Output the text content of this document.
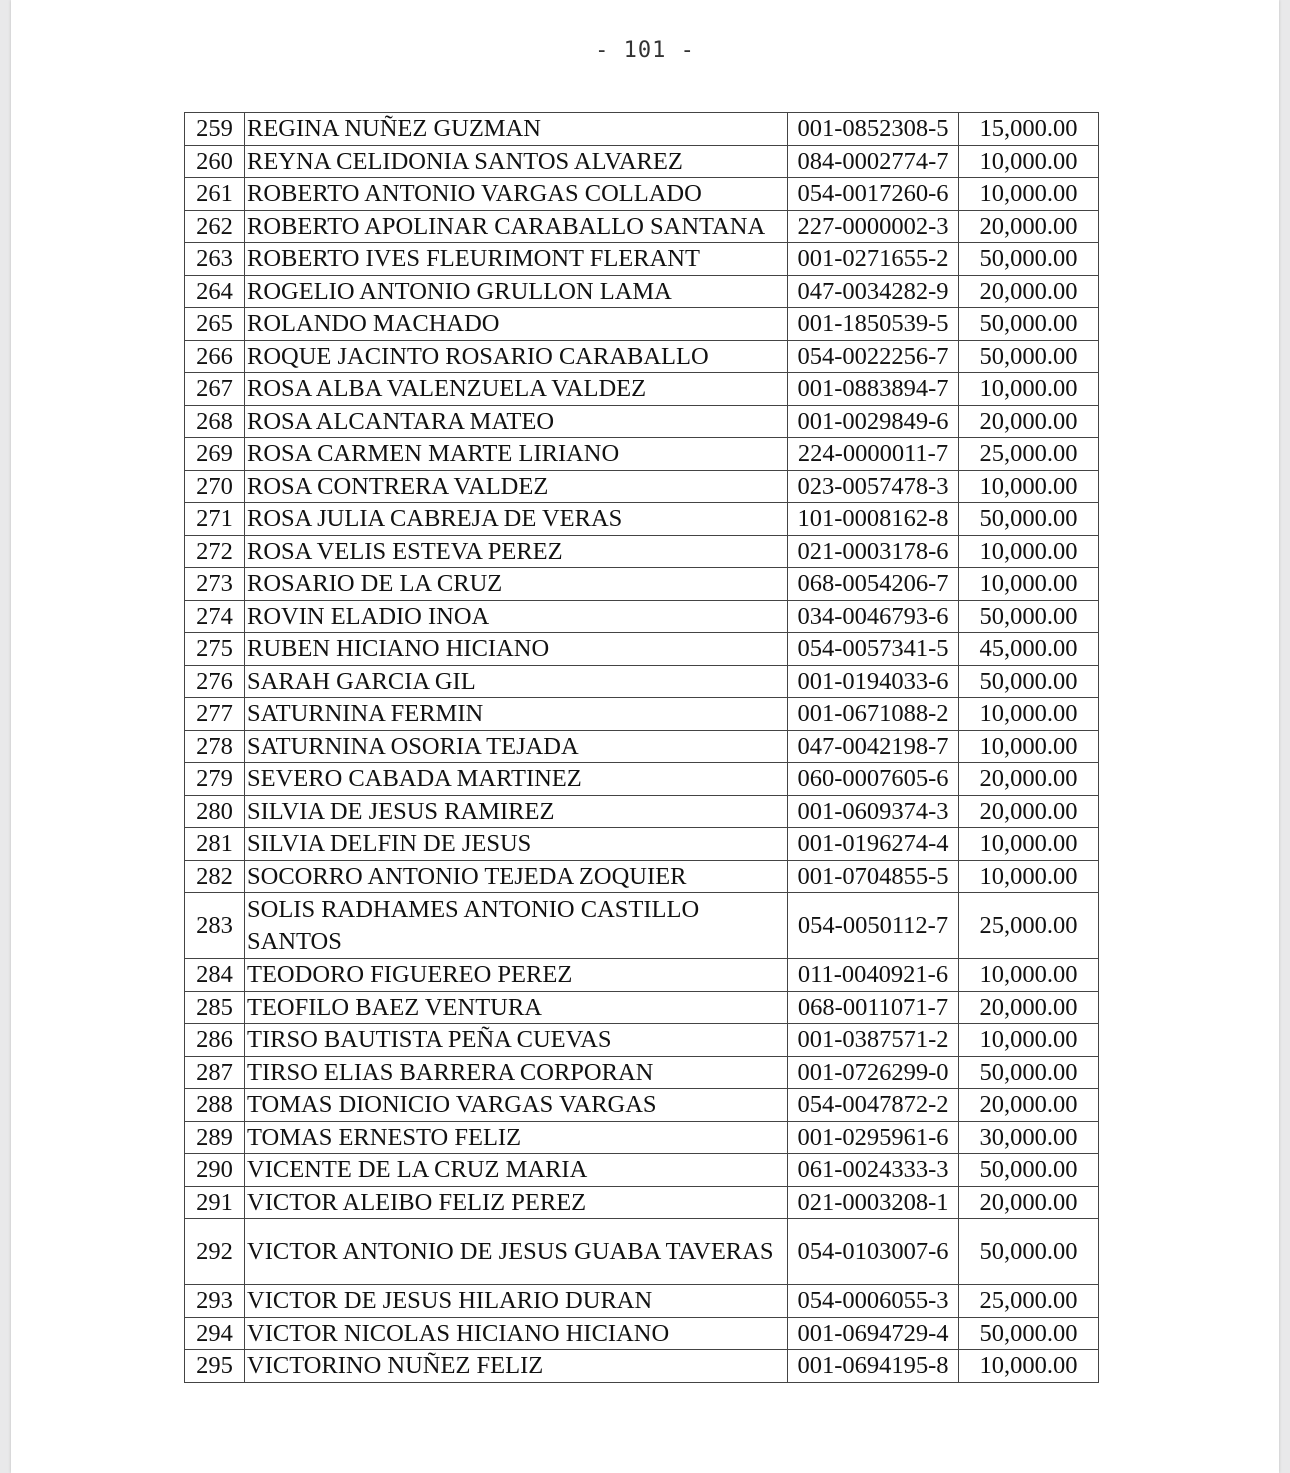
- 101 -
259	REGINA NUÑEZ GUZMAN	001-0852308-5	15,000.00
260	REYNA CELIDONIA SANTOS ALVAREZ	084-0002774-7	10,000.00
261	ROBERTO ANTONIO VARGAS COLLADO	054-0017260-6	10,000.00
262	ROBERTO APOLINAR CARABALLO SANTANA	227-0000002-3	20,000.00
263	ROBERTO IVES FLEURIMONT FLERANT	001-0271655-2	50,000.00
264	ROGELIO ANTONIO GRULLON LAMA	047-0034282-9	20,000.00
265	ROLANDO MACHADO	001-1850539-5	50,000.00
266	ROQUE JACINTO ROSARIO CARABALLO	054-0022256-7	50,000.00
267	ROSA ALBA VALENZUELA VALDEZ	001-0883894-7	10,000.00
268	ROSA ALCANTARA MATEO	001-0029849-6	20,000.00
269	ROSA CARMEN MARTE LIRIANO	224-0000011-7	25,000.00
270	ROSA CONTRERA VALDEZ	023-0057478-3	10,000.00
271	ROSA JULIA CABREJA DE VERAS	101-0008162-8	50,000.00
272	ROSA VELIS ESTEVA PEREZ	021-0003178-6	10,000.00
273	ROSARIO DE LA CRUZ	068-0054206-7	10,000.00
274	ROVIN ELADIO INOA	034-0046793-6	50,000.00
275	RUBEN HICIANO HICIANO	054-0057341-5	45,000.00
276	SARAH GARCIA GIL	001-0194033-6	50,000.00
277	SATURNINA FERMIN	001-0671088-2	10,000.00
278	SATURNINA OSORIA TEJADA	047-0042198-7	10,000.00
279	SEVERO CABADA MARTINEZ	060-0007605-6	20,000.00
280	SILVIA DE JESUS RAMIREZ	001-0609374-3	20,000.00
281	SILVIA DELFIN DE JESUS	001-0196274-4	10,000.00
282	SOCORRO ANTONIO TEJEDA ZOQUIER	001-0704855-5	10,000.00
283	SOLIS RADHAMES ANTONIO CASTILLO SANTOS	054-0050112-7	25,000.00
284	TEODORO FIGUEREO PEREZ	011-0040921-6	10,000.00
285	TEOFILO BAEZ VENTURA	068-0011071-7	20,000.00
286	TIRSO BAUTISTA PEÑA CUEVAS	001-0387571-2	10,000.00
287	TIRSO ELIAS BARRERA CORPORAN	001-0726299-0	50,000.00
288	TOMAS DIONICIO VARGAS VARGAS	054-0047872-2	20,000.00
289	TOMAS ERNESTO FELIZ	001-0295961-6	30,000.00
290	VICENTE DE LA CRUZ MARIA	061-0024333-3	50,000.00
291	VICTOR ALEIBO FELIZ PEREZ	021-0003208-1	20,000.00
292	VICTOR ANTONIO DE JESUS GUABA TAVERAS	054-0103007-6	50,000.00
293	VICTOR DE JESUS HILARIO DURAN	054-0006055-3	25,000.00
294	VICTOR NICOLAS HICIANO HICIANO	001-0694729-4	50,000.00
295	VICTORINO NUÑEZ FELIZ	001-0694195-8	10,000.00
